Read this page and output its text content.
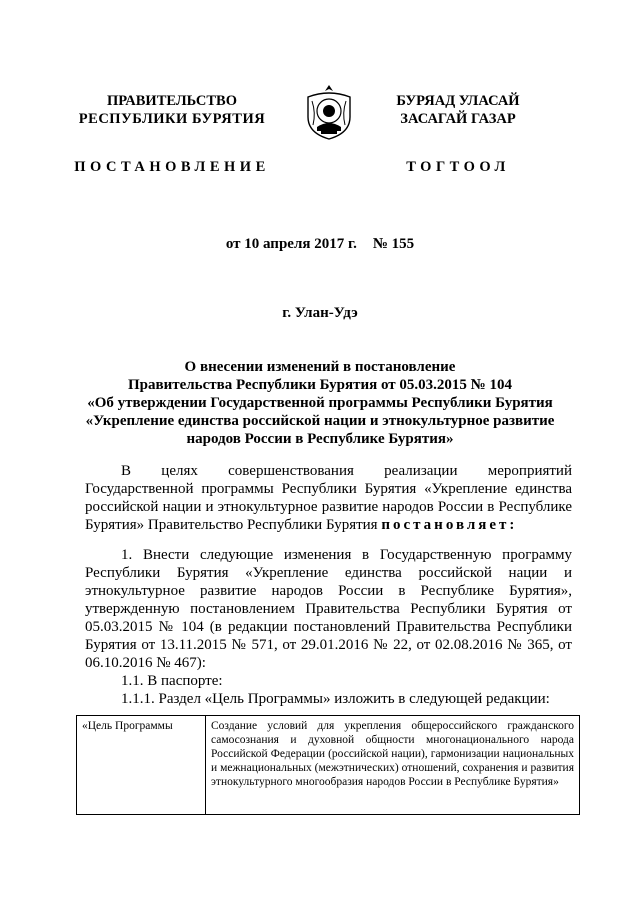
ПРАВИТЕЛЬСТВО
РЕСПУБЛИКИ БУРЯТИЯ
ПОСТАНОВЛЕНИЕ
БУРЯАД УЛАСАЙ
ЗАСАГАЙ ГАЗАР
ТОГТООЛ
от 10 апреля 2017 г. № 155
г. Улан-Удэ
О внесении изменений в постановление
Правительства Республики Бурятия от 05.03.2015 № 104
«Об утверждении Государственной программы Республики Бурятия
«Укрепление единства российской нации и этнокультурное развитие
народов России в Республике Бурятия»

В целях совершенствования реализации мероприятий Государственной программы Республики Бурятия «Укрепление единства российской нации и этнокультурное развитие народов России в Республике Бурятия» Правительство Республики Бурятия постановляет:

1. Внести следующие изменения в Государственную программу Республики Бурятия «Укрепление единства российской нации и этнокультурное развитие народов России в Республике Бурятия», утвержденную постановлением Правительства Республики Бурятия от 05.03.2015 № 104 (в редакции постановлений Правительства Республики Бурятия от 13.11.2015 № 571, от 29.01.2016 № 22, от 02.08.2016 № 365, от 06.10.2016 № 467):

1.1. В паспорте:

1.1.1. Раздел «Цель Программы» изложить в следующей редакции:

«Цель Программы	Создание условий для укрепления общероссийского гражданского самосознания и духовной общности многонационального народа Российской Федерации (российской нации), гармонизации национальных и межнациональных (межэтнических) отношений, сохранения и развития этнокультурного многообразия народов России в Республике Бурятия»
